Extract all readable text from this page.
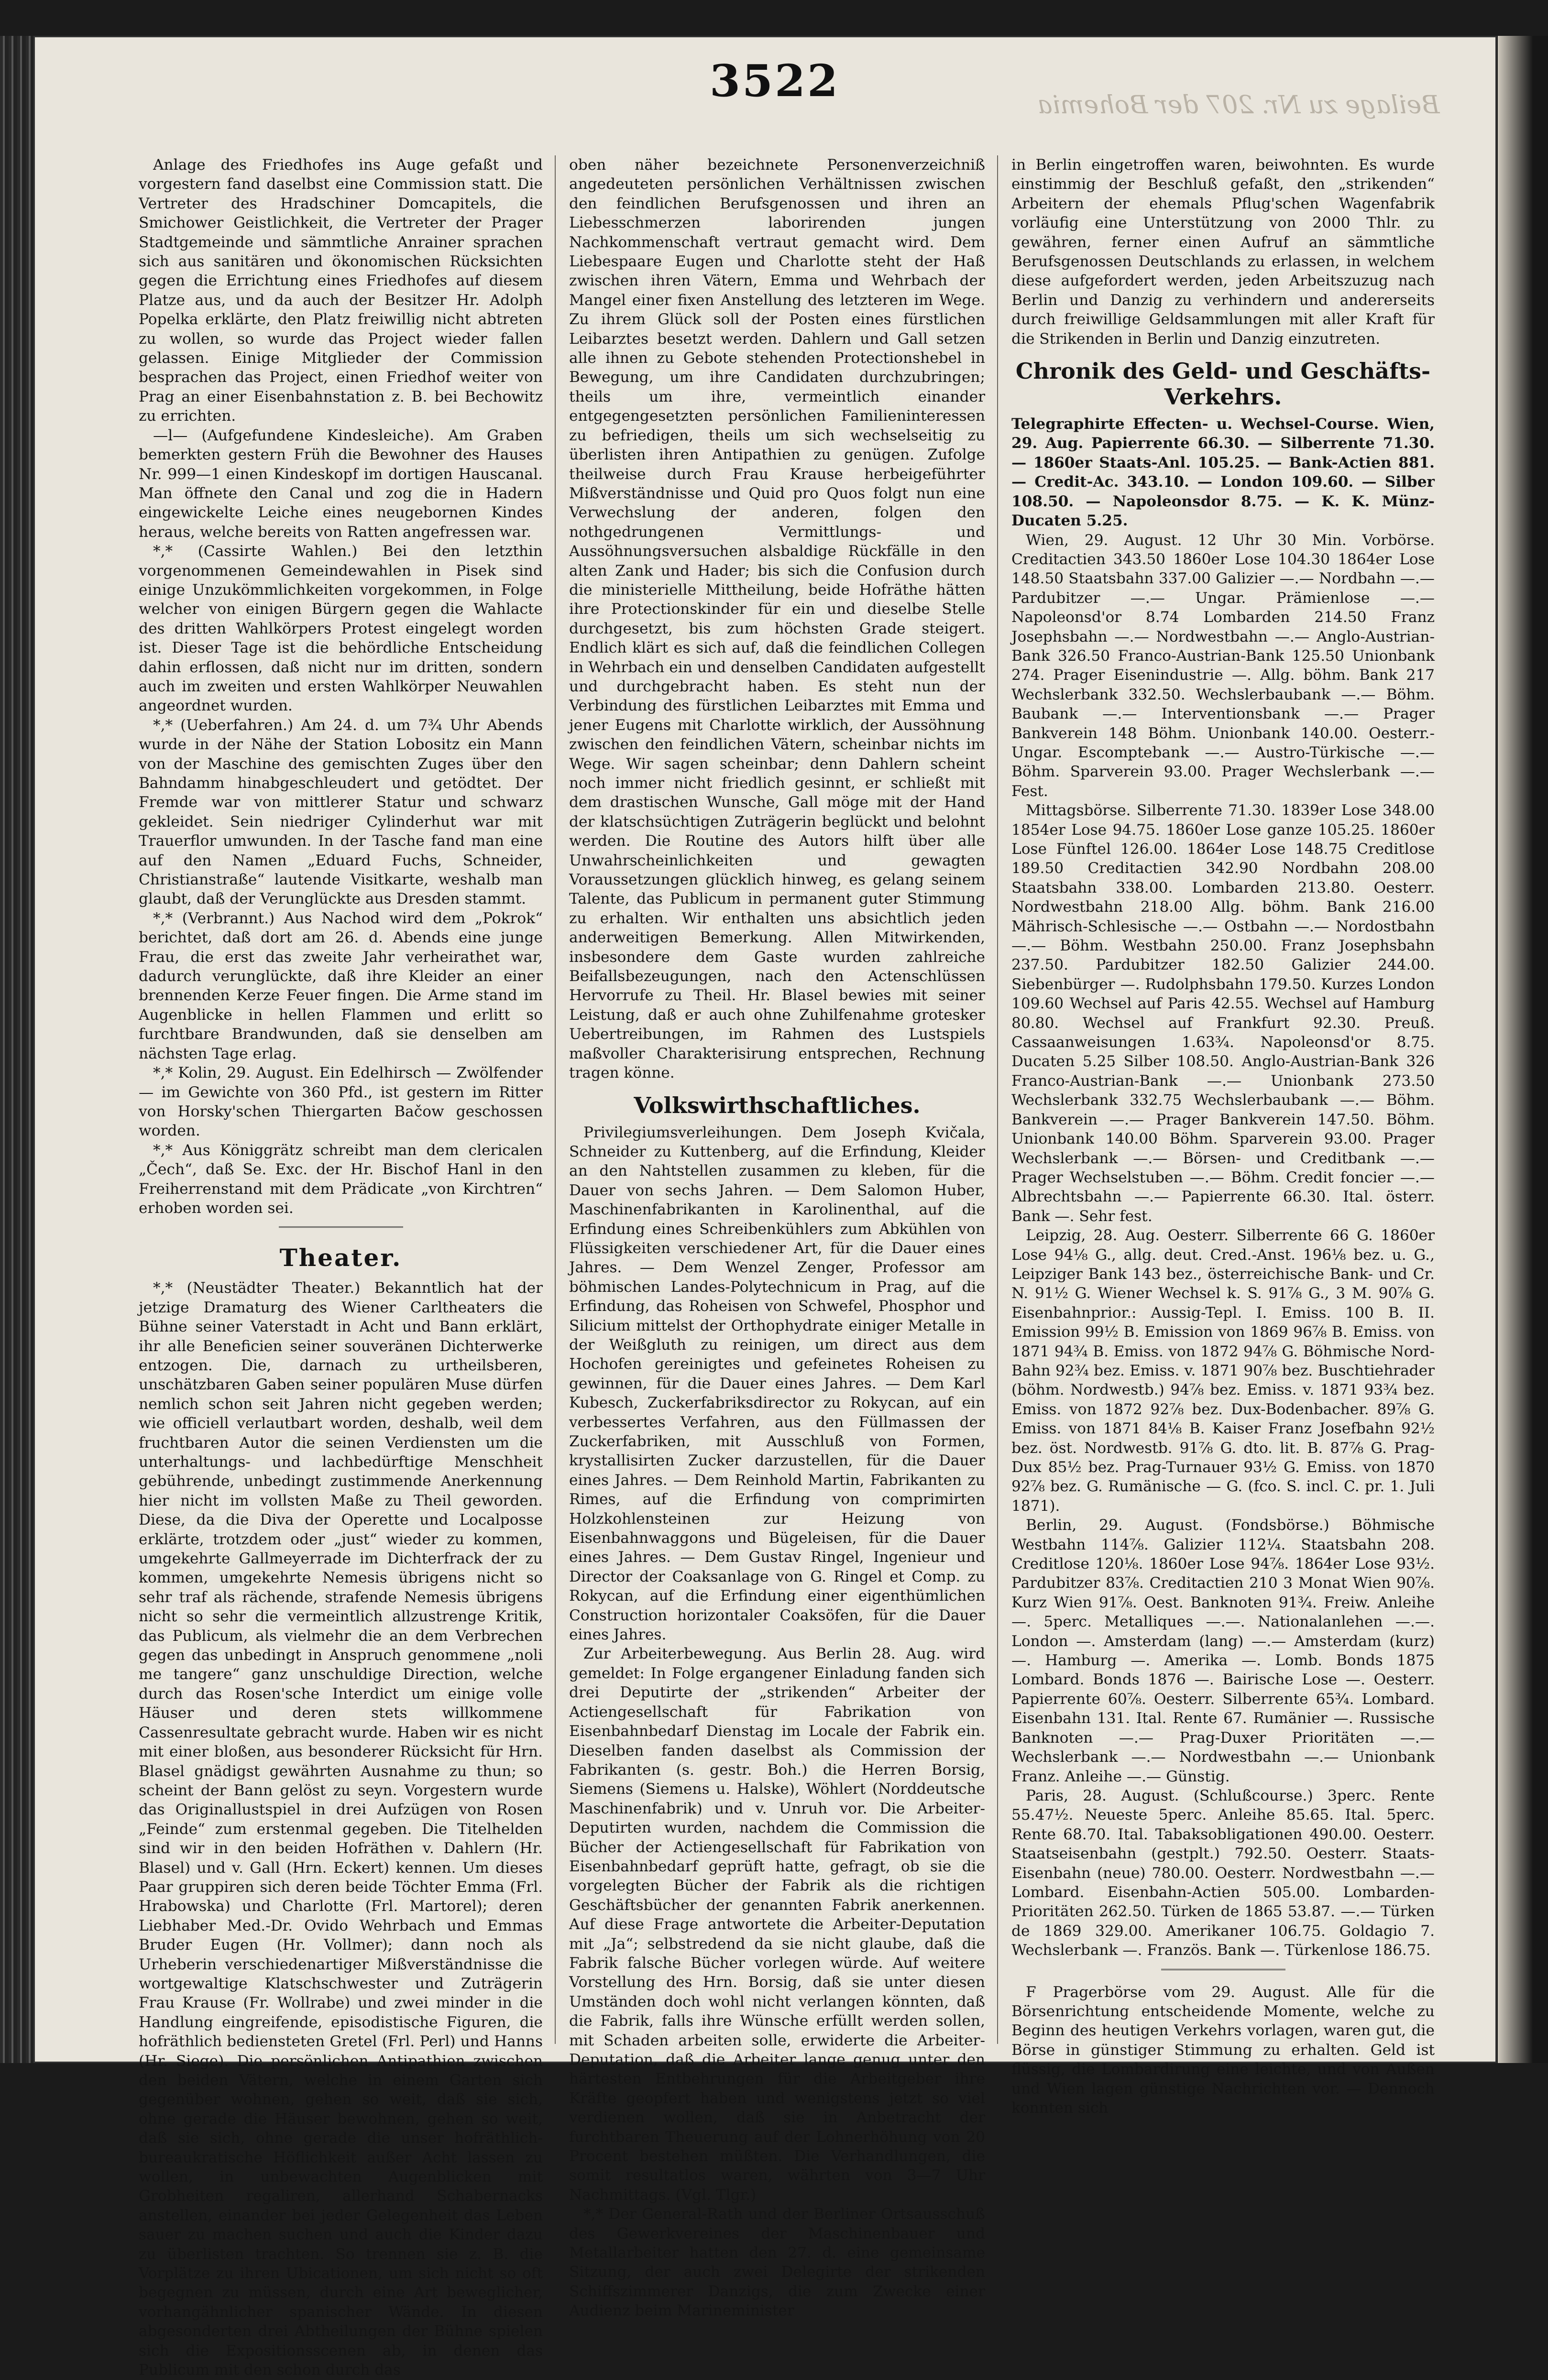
3522	Beilage zu Nr. 207 der Bohemia

Anlage des Friedhofes ins Auge gefaßt und vorgestern fand daselbst eine Commission statt. Die Vertreter des Hradschiner Domcapitels, die Smichower Geistlichkeit, die Vertreter der Prager Stadtgemeinde und sämmtliche Anrainer sprachen sich aus sanitären und ökonomischen Rücksichten gegen die Errichtung eines Friedhofes auf diesem Platze aus, und da auch der Besitzer Hr. Adolph Popelka erklärte, den Platz freiwillig nicht abtreten zu wollen, so wurde das Project wieder fallen gelassen. Einige Mitglieder der Commission besprachen das Project, einen Friedhof weiter von Prag an einer Eisenbahnstation z. B. bei Bechowitz zu errichten.

—l— (Aufgefundene Kindesleiche). Am Graben bemerkten gestern Früh die Bewohner des Hauses Nr. 999—1 einen Kindeskopf im dortigen Hauscanal. Man öffnete den Canal und zog die in Hadern eingewickelte Leiche eines neugebornen Kindes heraus, welche bereits von Ratten angefressen war.

*,* (Cassirte Wahlen.) Bei den letzthin vorgenommenen Gemeindewahlen in Pisek sind einige Unzukömmlichkeiten vorgekommen, in Folge welcher von einigen Bürgern gegen die Wahlacte des dritten Wahlkörpers Protest eingelegt worden ist. Dieser Tage ist die behördliche Entscheidung dahin erflossen, daß nicht nur im dritten, sondern auch im zweiten und ersten Wahlkörper Neuwahlen angeordnet wurden.

*,* (Ueberfahren.) Am 24. d. um 7¾ Uhr Abends wurde in der Nähe der Station Lobositz ein Mann von der Maschine des gemischten Zuges über den Bahndamm hinabgeschleudert und getödtet. Der Fremde war von mittlerer Statur und schwarz gekleidet. Sein niedriger Cylinderhut war mit Trauerflor umwunden. In der Tasche fand man eine auf den Namen „Eduard Fuchs, Schneider, Christianstraße“ lautende Visitkarte, weshalb man glaubt, daß der Verunglückte aus Dresden stammt.

*,* (Verbrannt.) Aus Nachod wird dem „Pokrok“ berichtet, daß dort am 26. d. Abends eine junge Frau, die erst das zweite Jahr verheirathet war, dadurch verunglückte, daß ihre Kleider an einer brennenden Kerze Feuer fingen. Die Arme stand im Augenblicke in hellen Flammen und erlitt so furchtbare Brandwunden, daß sie denselben am nächsten Tage erlag.

*,* Kolin, 29. August. Ein Edelhirsch — Zwölfender — im Gewichte von 360 Pfd., ist gestern im Ritter von Horsky'schen Thiergarten Bačow geschossen worden.

*,* Aus Königgrätz schreibt man dem clericalen „Čech“, daß Se. Exc. der Hr. Bischof Hanl in den Freiherrenstand mit dem Prädicate „von Kirchtren“ erhoben worden sei.

Theater.

*,* (Neustädter Theater.) Bekanntlich hat der jetzige Dramaturg des Wiener Carltheaters die Bühne seiner Vaterstadt in Acht und Bann erklärt, ihr alle Beneficien seiner souveränen Dichterwerke entzogen. Die, darnach zu urtheilsberen, unschätzbaren Gaben seiner populären Muse dürfen nemlich schon seit Jahren nicht gegeben werden; wie officiell verlautbart worden, deshalb, weil dem fruchtbaren Autor die seinen Verdiensten um die unterhaltungs- und lachbedürftige Menschheit gebührende, unbedingt zustimmende Anerkennung hier nicht im vollsten Maße zu Theil geworden. Diese, da die Diva der Operette und Localposse erklärte, trotzdem oder „just“ wieder zu kommen, umgekehrte Gallmeyerrade im Dichterfrack der zu kommen, umgekehrte Nemesis übrigens nicht so sehr traf als rächende, strafende Nemesis übrigens nicht so sehr die vermeintlich allzustrenge Kritik, das Publicum, als vielmehr die an dem Verbrechen gegen das unbedingt in Anspruch genommene „noli me tangere“ ganz unschuldige Direction, welche durch das Rosen'sche Interdict um einige volle Häuser und deren stets willkommene Cassenresultate gebracht wurde. Haben wir es nicht mit einer bloßen, aus besonderer Rücksicht für Hrn. Blasel gnädigst gewährten Ausnahme zu thun; so scheint der Bann gelöst zu seyn. Vorgestern wurde das Originallustspiel in drei Aufzügen von Rosen „Feinde“ zum erstenmal gegeben. Die Titelhelden sind wir in den beiden Hofräthen v. Dahlern (Hr. Blasel) und v. Gall (Hrn. Eckert) kennen. Um dieses Paar gruppiren sich deren beide Töchter Emma (Frl. Hrabowska) und Charlotte (Frl. Martorel); deren Liebhaber Med.-Dr. Ovido Wehrbach und Emmas Bruder Eugen (Hr. Vollmer); dann noch als Urheberin verschiedenartiger Mißverständnisse die wortgewaltige Klatschschwester und Zuträgerin Frau Krause (Fr. Wollrabe) und zwei minder in die Handlung eingreifende, episodistische Figuren, die hofräthlich bediensteten Gretel (Frl. Perl) und Hanns (Hr. Siege). Die persönlichen Antipathien zwischen den beiden Vätern, welche in einem Garten sich gegenüber wohnen, gehen so weit, daß sie sich, ohne gerade die Häuser bewohnen, gehen so weit, daß sie sich, ohne gerade die unser hofräthlich-bureaukratische Höflichkeit außer Acht lassen zu wollen, in unbewachten Augenblicken mit Grobheiten regaliren, allerhand Schabernacks anstellen, einander bei jeder Gelegenheit das Leben sauer zu machen suchen und auch die Kinder dazu zu überlisten trachten. So trennen sie z. B. die Vorplätze zu ihren Ubicationen, um sich nicht so oft begegnen zu müssen, durch eine Art beweglicher, vorhangähnlicher spanischer Wände. In diesen abgesonderten drei Abtheilungen der Bühne spielen sich die Expositionsscenen ab, in denen das Publicum mit den schon durch das

oben näher bezeichnete Personenverzeichniß angedeuteten persönlichen Verhältnissen zwischen den feindlichen Berufsgenossen und ihren an Liebesschmerzen laborirenden jungen Nachkommenschaft vertraut gemacht wird. Dem Liebespaare Eugen und Charlotte steht der Haß zwischen ihren Vätern, Emma und Wehrbach der Mangel einer fixen Anstellung des letzteren im Wege. Zu ihrem Glück soll der Posten eines fürstlichen Leibarztes besetzt werden. Dahlern und Gall setzen alle ihnen zu Gebote stehenden Protectionshebel in Bewegung, um ihre Candidaten durchzubringen; theils um ihre, vermeintlich einander entgegengesetzten persönlichen Familieninteressen zu befriedigen, theils um sich wechselseitig zu überlisten ihren Antipathien zu genügen. Zufolge theilweise durch Frau Krause herbeigeführter Mißverständnisse und Quid pro Quos folgt nun eine Verwechslung der anderen, folgen den nothgedrungenen Vermittlungs- und Aussöhnungsversuchen alsbaldige Rückfälle in den alten Zank und Hader; bis sich die Confusion durch die ministerielle Mittheilung, beide Hofräthe hätten ihre Protectionskinder für ein und dieselbe Stelle durchgesetzt, bis zum höchsten Grade steigert. Endlich klärt es sich auf, daß die feindlichen Collegen in Wehrbach ein und denselben Candidaten aufgestellt und durchgebracht haben. Es steht nun der Verbindung des fürstlichen Leibarztes mit Emma und jener Eugens mit Charlotte wirklich, der Aussöhnung zwischen den feindlichen Vätern, scheinbar nichts im Wege. Wir sagen scheinbar; denn Dahlern scheint noch immer nicht friedlich gesinnt, er schließt mit dem drastischen Wunsche, Gall möge mit der Hand der klatschsüchtigen Zuträgerin beglückt und belohnt werden. Die Routine des Autors hilft über alle Unwahrscheinlichkeiten und gewagten Voraussetzungen glücklich hinweg, es gelang seinem Talente, das Publicum in permanent guter Stimmung zu erhalten. Wir enthalten uns absichtlich jeden anderweitigen Bemerkung. Allen Mitwirkenden, insbesondere dem Gaste wurden zahlreiche Beifallsbezeugungen, nach den Actenschlüssen Hervorrufe zu Theil. Hr. Blasel bewies mit seiner Leistung, daß er auch ohne Zuhilfenahme grotesker Uebertreibungen, im Rahmen des Lustspiels maßvoller Charakterisirung entsprechen, Rechnung tragen könne.

Volkswirthschaftliches.

Privilegiumsverleihungen. Dem Joseph Kvičala, Schneider zu Kuttenberg, auf die Erfindung, Kleider an den Nahtstellen zusammen zu kleben, für die Dauer von sechs Jahren. — Dem Salomon Huber, Maschinenfabrikanten in Karolinenthal, auf die Erfindung eines Schreibenkühlers zum Abkühlen von Flüssigkeiten verschiedener Art, für die Dauer eines Jahres. — Dem Wenzel Zenger, Professor am böhmischen Landes-Polytechnicum in Prag, auf die Erfindung, das Roheisen von Schwefel, Phosphor und Silicium mittelst der Orthophydrate einiger Metalle in der Weißgluth zu reinigen, um direct aus dem Hochofen gereinigtes und gefeinetes Roheisen zu gewinnen, für die Dauer eines Jahres. — Dem Karl Kubesch, Zuckerfabriksdirector zu Rokycan, auf ein verbessertes Verfahren, aus den Füllmassen der Zuckerfabriken, mit Ausschluß von Formen, krystallisirten Zucker darzustellen, für die Dauer eines Jahres. — Dem Reinhold Martin, Fabrikanten zu Rimes, auf die Erfindung von comprimirten Holzkohlensteinen zur Heizung von Eisenbahnwaggons und Bügeleisen, für die Dauer eines Jahres. — Dem Gustav Ringel, Ingenieur und Director der Coaksanlage von G. Ringel et Comp. zu Rokycan, auf die Erfindung einer eigenthümlichen Construction horizontaler Coaksöfen, für die Dauer eines Jahres.

Zur Arbeiterbewegung. Aus Berlin 28. Aug. wird gemeldet: In Folge ergangener Einladung fanden sich drei Deputirte der „strikenden“ Arbeiter der Actiengesellschaft für Fabrikation von Eisenbahnbedarf Dienstag im Locale der Fabrik ein. Dieselben fanden daselbst als Commission der Fabrikanten (s. gestr. Boh.) die Herren Borsig, Siemens (Siemens u. Halske), Wöhlert (Norddeutsche Maschinenfabrik) und v. Unruh vor. Die Arbeiter-Deputirten wurden, nachdem die Commission die Bücher der Actiengesellschaft für Fabrikation von Eisenbahnbedarf geprüft hatte, gefragt, ob sie die vorgelegten Bücher der Fabrik als die richtigen Geschäftsbücher der genannten Fabrik anerkennen. Auf diese Frage antwortete die Arbeiter-Deputation mit „Ja“; selbstredend da sie nicht glaube, daß die Fabrik falsche Bücher vorlegen würde. Auf weitere Vorstellung des Hrn. Borsig, daß sie unter diesen Umständen doch wohl nicht verlangen könnten, daß die Fabrik, falls ihre Wünsche erfüllt werden sollen, mit Schaden arbeiten solle, erwiderte die Arbeiter-Deputation, daß die Arbeiter lange genug unter den härtesten Entbehrungen für die Arbeitgeber ihre Kräfte geopfert haben und wenigstens jetzt so viel verdienen wollen, daß sie in Anbetracht der furchtbaren Theuerung auf der Lohnerhöhung von 20 Procent bestehen müßten. Die Verhandlungen, die somit resultatlos waren, währten von 3—7 Uhr Nachmittags. (Vgl. Tlgr.)

*,* Der General-Rath und der Berliner Ortsausschuß des Gewerkvereines der Maschinenbauer und Metallarbeiter hatten den 27. d. eine gemeinsame Sitzung, der auch zwei Delegirte der strikenden Schiffszimmerer Danzigs, die zum Zwecke einer Audienz beim Marineminister

in Berlin eingetroffen waren, beiwohnten. Es wurde einstimmig der Beschluß gefaßt, den „strikenden“ Arbeitern der ehemals Pflug'schen Wagenfabrik vorläufig eine Unterstützung von 2000 Thlr. zu gewähren, ferner einen Aufruf an sämmtliche Berufsgenossen Deutschlands zu erlassen, in welchem diese aufgefordert werden, jeden Arbeitszuzug nach Berlin und Danzig zu verhindern und andererseits durch freiwillige Geldsammlungen mit aller Kraft für die Strikenden in Berlin und Danzig einzutreten.

Chronik des Geld- und Geschäfts-Verkehrs.

Telegraphirte Effecten- u. Wechsel-Course. Wien, 29. Aug. Papierrente 66.30. — Silberrente 71.30. — 1860er Staats-Anl. 105.25. — Bank-Actien 881. — Credit-Ac. 343.10. — London 109.60. — Silber 108.50. — Napoleonsdor 8.75. — K. K. Münz-Ducaten 5.25.

Wien, 29. August. 12 Uhr 30 Min. Vorbörse. Creditactien 343.50 1860er Lose 104.30 1864er Lose 148.50 Staatsbahn 337.00 Galizier —.— Nordbahn —.— Pardubitzer —.— Ungar. Prämienlose —.— Napoleonsd'or 8.74 Lombarden 214.50 Franz Josephsbahn —.— Nordwestbahn —.— Anglo-Austrian-Bank 326.50 Franco-Austrian-Bank 125.50 Unionbank 274. Prager Eisenindustrie —. Allg. böhm. Bank 217 Wechslerbank 332.50. Wechslerbaubank —.— Böhm. Baubank —.— Interventionsbank —.— Prager Bankverein 148 Böhm. Unionbank 140.00. Oesterr.-Ungar. Escomptebank —.— Austro-Türkische —.— Böhm. Sparverein 93.00. Prager Wechslerbank —.— Fest.

Mittagsbörse. Silberrente 71.30. 1839er Lose 348.00 1854er Lose 94.75. 1860er Lose ganze 105.25. 1860er Lose Fünftel 126.00. 1864er Lose 148.75 Creditlose 189.50 Creditactien 342.90 Nordbahn 208.00 Staatsbahn 338.00. Lombarden 213.80. Oesterr. Nordwestbahn 218.00 Allg. böhm. Bank 216.00 Mährisch-Schlesische —.— Ostbahn —.— Nordostbahn —.— Böhm. Westbahn 250.00. Franz Josephsbahn 237.50. Pardubitzer 182.50 Galizier 244.00. Siebenbürger —. Rudolphsbahn 179.50. Kurzes London 109.60 Wechsel auf Paris 42.55. Wechsel auf Hamburg 80.80. Wechsel auf Frankfurt 92.30. Preuß. Cassaanweisungen 1.63¾. Napoleonsd'or 8.75. Ducaten 5.25 Silber 108.50. Anglo-Austrian-Bank 326 Franco-Austrian-Bank —.— Unionbank 273.50 Wechslerbank 332.75 Wechslerbaubank —.— Böhm. Bankverein —.— Prager Bankverein 147.50. Böhm. Unionbank 140.00 Böhm. Sparverein 93.00. Prager Wechslerbank —.— Börsen- und Creditbank —.— Prager Wechselstuben —.— Böhm. Credit foncier —.— Albrechtsbahn —.— Papierrente 66.30. Ital. österr. Bank —. Sehr fest.

Leipzig, 28. Aug. Oesterr. Silberrente 66 G. 1860er Lose 94⅛ G., allg. deut. Cred.-Anst. 196⅛ bez. u. G., Leipziger Bank 143 bez., österreichische Bank- und Cr. N. 91½ G. Wiener Wechsel k. S. 91⅞ G., 3 M. 90⅞ G. Eisenbahnprior.: Aussig-Tepl. I. Emiss. 100 B. II. Emission 99½ B. Emission von 1869 96⅞ B. Emiss. von 1871 94¾ B. Emiss. von 1872 94⅞ G. Böhmische Nord-Bahn 92¾ bez. Emiss. v. 1871 90⅞ bez. Buschtiehrader (böhm. Nordwestb.) 94⅞ bez. Emiss. v. 1871 93¾ bez. Emiss. von 1872 92⅞ bez. Dux-Bodenbacher. 89⅞ G. Emiss. von 1871 84⅛ B. Kaiser Franz Josefbahn 92½ bez. öst. Nordwestb. 91⅞ G. dto. lit. B. 87⅞ G. Prag-Dux 85½ bez. Prag-Turnauer 93½ G. Emiss. von 1870 92⅞ bez. G. Rumänische — G. (fco. S. incl. C. pr. 1. Juli 1871).

Berlin, 29. August. (Fondsbörse.) Böhmische Westbahn 114⅞. Galizier 112¼. Staatsbahn 208. Creditlose 120⅛. 1860er Lose 94⅞. 1864er Lose 93½. Pardubitzer 83⅞. Creditactien 210 3 Monat Wien 90⅞. Kurz Wien 91⅞. Oest. Banknoten 91¾. Freiw. Anleihe —. 5perc. Metalliques —.—. Nationalanlehen —.—. London —. Amsterdam (lang) —.— Amsterdam (kurz) —. Hamburg —. Amerika —. Lomb. Bonds 1875 Lombard. Bonds 1876 —. Bairische Lose —. Oesterr. Papierrente 60⅞. Oesterr. Silberrente 65¾. Lombard. Eisenbahn 131. Ital. Rente 67. Rumänier —. Russische Banknoten —.— Prag-Duxer Prioritäten —.— Wechslerbank —.— Nordwestbahn —.— Unionbank Franz. Anleihe —.— Günstig.

Paris, 28. August. (Schlußcourse.) 3perc. Rente 55.47½. Neueste 5perc. Anleihe 85.65. Ital. 5perc. Rente 68.70. Ital. Tabaksobligationen 490.00. Oesterr. Staatseisenbahn (gestplt.) 792.50. Oesterr. Staats-Eisenbahn (neue) 780.00. Oesterr. Nordwestbahn —.— Lombard. Eisenbahn-Actien 505.00. Lombarden-Prioritäten 262.50. Türken de 1865 53.87. —.— Türken de 1869 329.00. Amerikaner 106.75. Goldagio 7. Wechslerbank —. Französ. Bank —. Türkenlose 186.75.

F Pragerbörse vom 29. August. Alle für die Börsenrichtung entscheidende Momente, welche zu Beginn des heutigen Verkehrs vorlagen, waren gut, die Börse in günstiger Stimmung zu erhalten. Geld ist flüssig, die Lombardirung eine leichte, und von Außen und Wien lagen günstige Nachrichten vor. — Dennoch konnten sich
